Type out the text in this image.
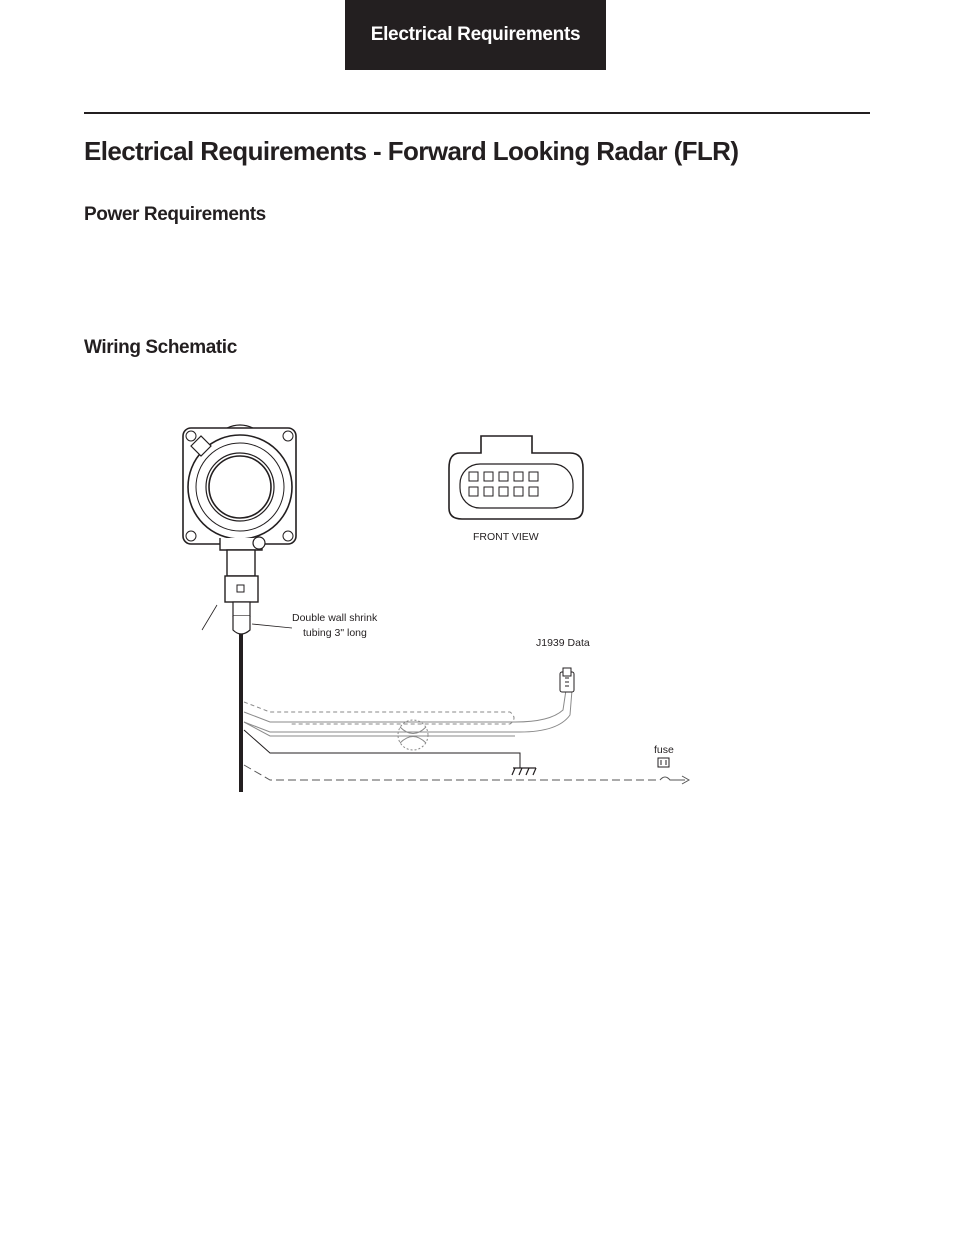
Electrical Requirements
Electrical Requirements - Forward Looking Radar (FLR)
Power Requirements
Wiring Schematic
Double wall shrink
tubing 3" long
J1939 Data
fuse
FRONT VIEW
